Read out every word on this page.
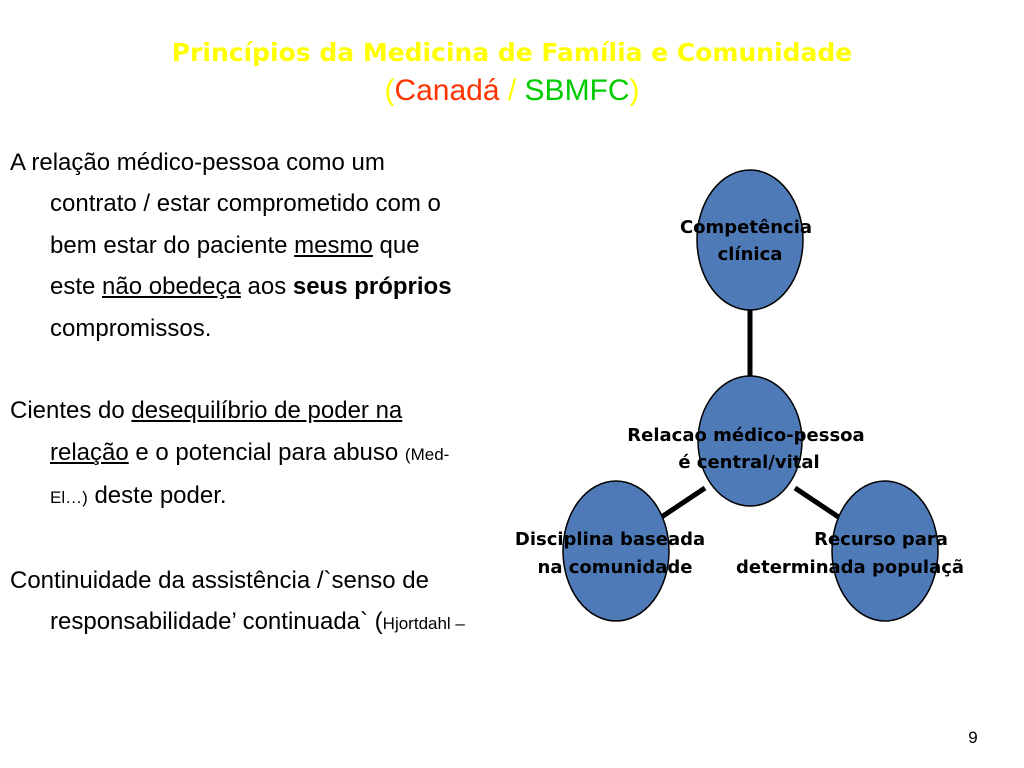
Princípios da Medicina de Família e Comunidade
(Canadá / SBMFC)

A relação médico-pessoa como um contrato / estar comprometido com o bem estar do paciente mesmo que este não obedeça aos seus próprios compromissos.

Cientes do desequilíbrio de poder na relação e o potencial para abuso (Med-El…) deste poder.

Continuidade da assistência /`senso de responsabilidade’ continuada` (Hjortdahl –

Competência
clínica
Relacao médico-pessoa
é central/vital
Disciplina baseada
na comunidade
Recurso para
determinada populaçã
9
